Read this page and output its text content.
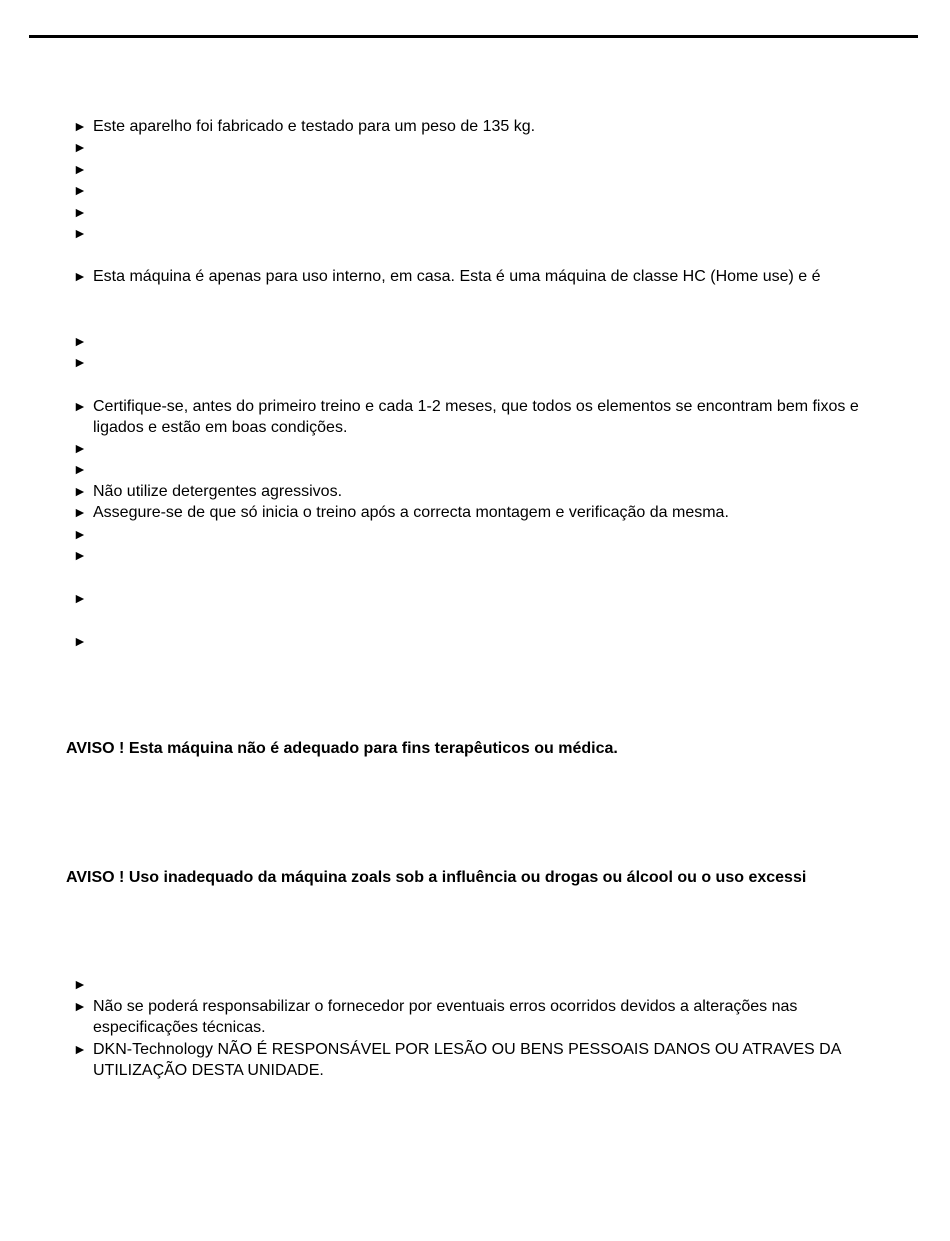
► Este aparelho foi fabricado e testado para um peso de 135 kg.
►
►
►
►
►
► Esta máquina é apenas para uso interno, em casa. Esta é uma máquina de classe HC (Home use) e é
►
►
► Certifique-se, antes do primeiro treino e cada 1-2 meses, que todos os elementos se encontram bem fixos e ligados e estão em boas condições.
►
►
► Não utilize detergentes agressivos.
► Assegure-se de que só inicia o treino após a correcta montagem e verificação da mesma.
►
►
►
►
AVISO ! Esta máquina não é adequado para fins terapêuticos ou médica.
AVISO ! Uso inadequado da máquina zoals sob a influência ou drogas ou álcool ou o uso excessi
►
► Não se poderá responsabilizar o fornecedor por eventuais erros ocorridos devidos a alterações nas especificações técnicas.
► DKN-Technology NÃO É RESPONSÁVEL POR LESÃO OU BENS PESSOAIS DANOS OU ATRAVES DA UTILIZAÇÃO DESTA UNIDADE.
